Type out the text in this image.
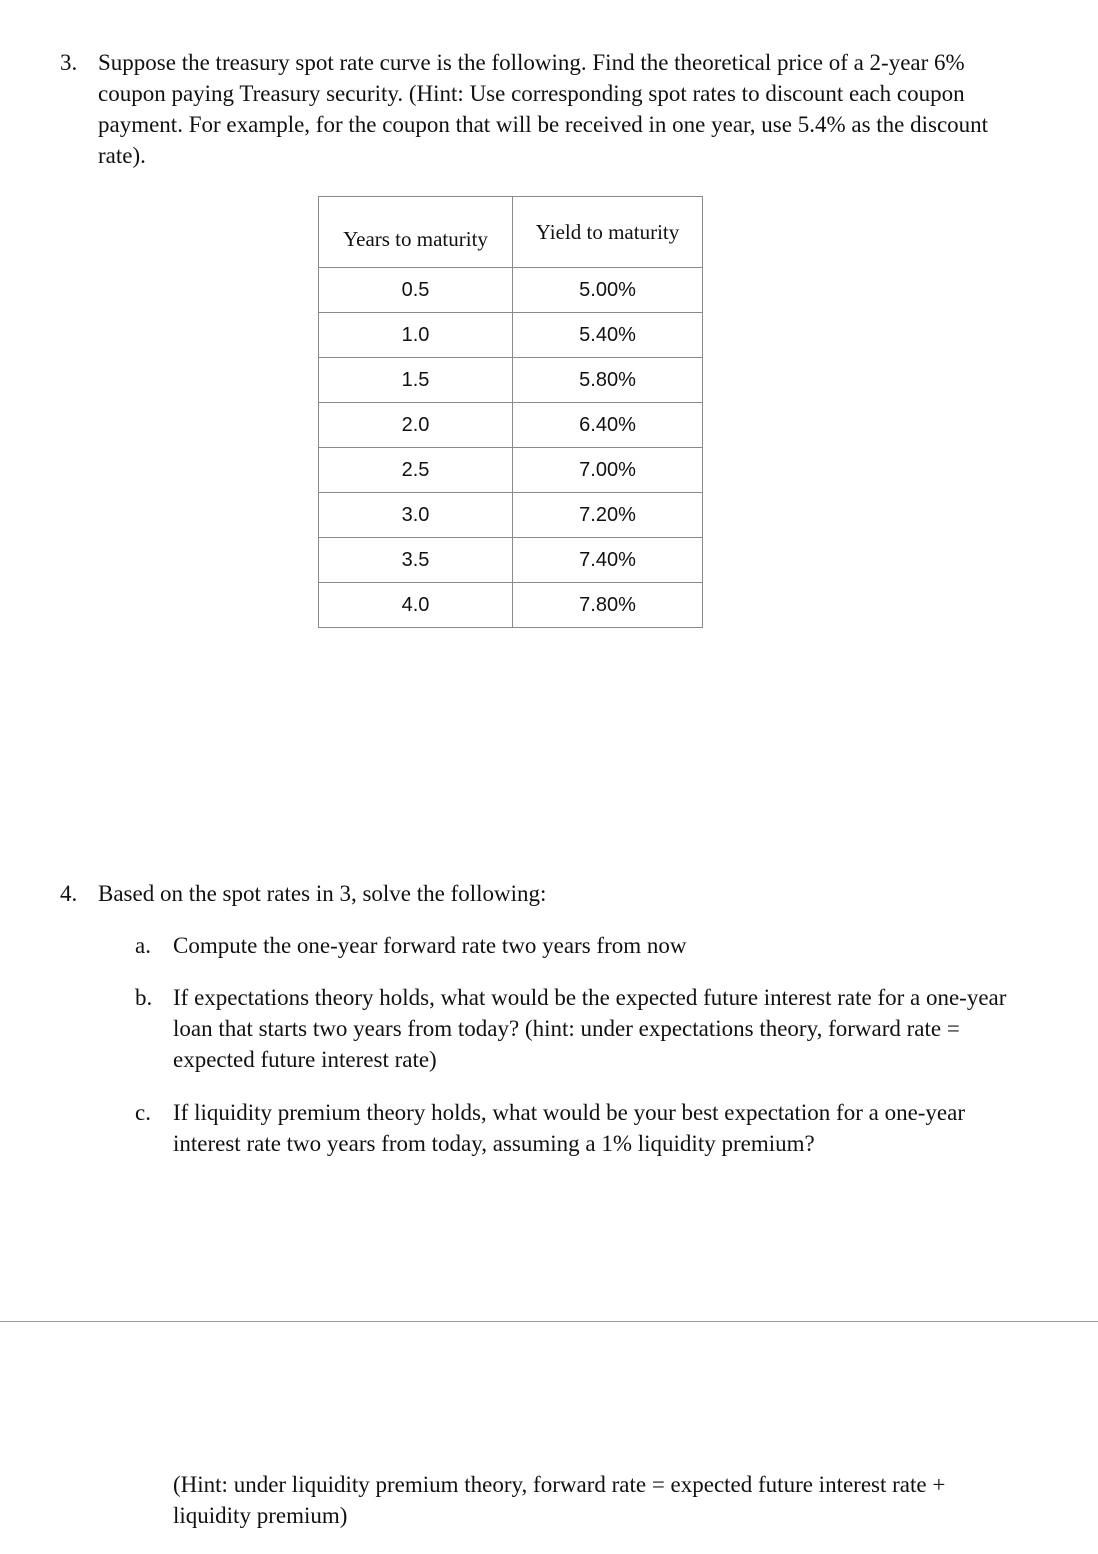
3. Suppose the treasury spot rate curve is the following. Find the theoretical price of a 2-year 6% coupon paying Treasury security. (Hint: Use corresponding spot rates to discount each coupon payment. For example, for the coupon that will be received in one year, use 5.4% as the discount rate).
Years to maturity	Yield to maturity
0.5	5.00%
1.0	5.40%
1.5	5.80%
2.0	6.40%
2.5	7.00%
3.0	7.20%
3.5	7.40%
4.0	7.80%
4. Based on the spot rates in 3, solve the following:
a. Compute the one-year forward rate two years from now
b. If expectations theory holds, what would be the expected future interest rate for a one-year loan that starts two years from today? (hint: under expectations theory, forward rate = expected future interest rate)
c. If liquidity premium theory holds, what would be your best expectation for a one-year interest rate two years from today, assuming a 1% liquidity premium?
(Hint: under liquidity premium theory, forward rate = expected future interest rate + liquidity premium)
